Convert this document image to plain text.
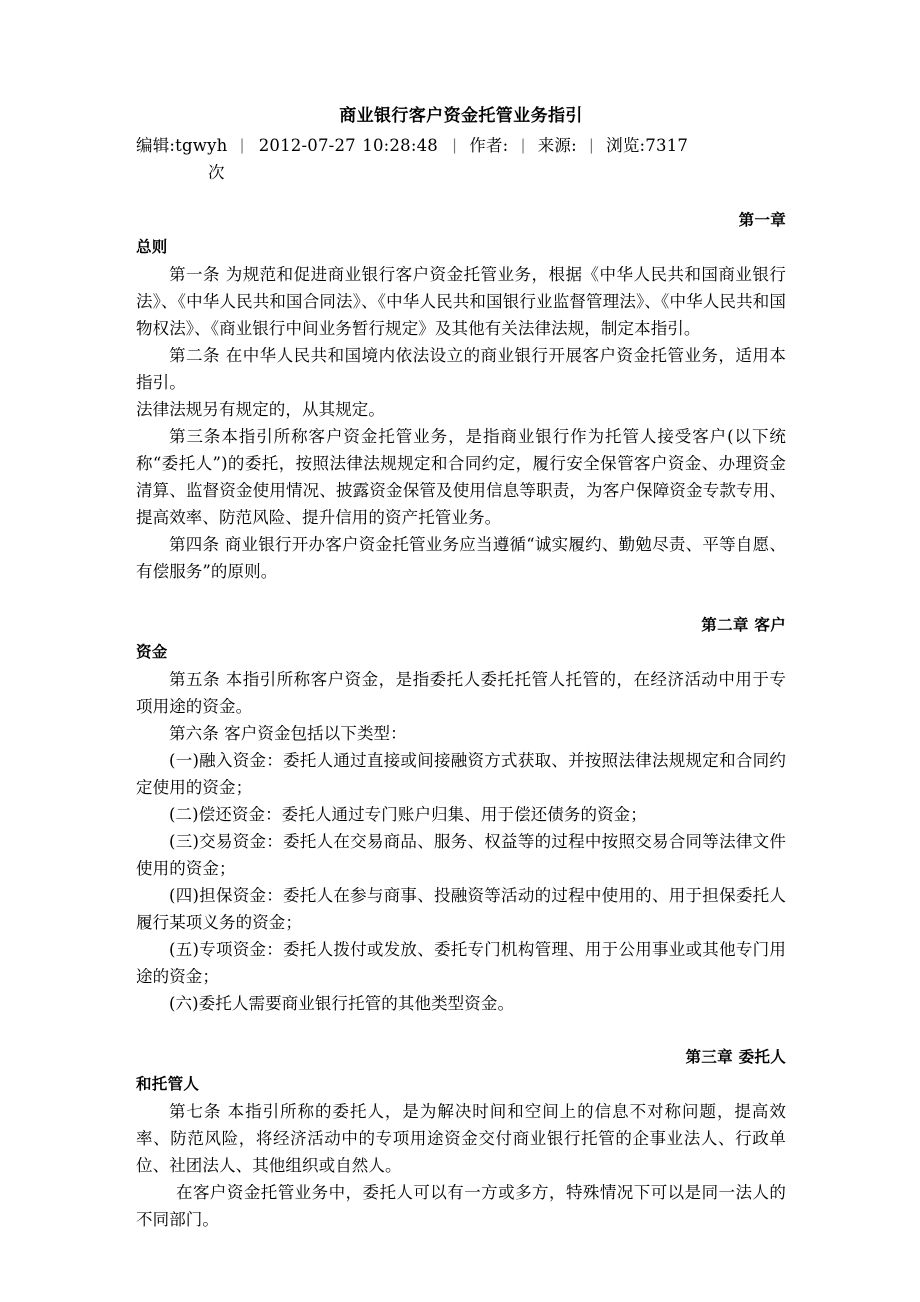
商业银行客户资金托管业务指引
编辑:tgwyh | 2012-07-27 10:28:48 | 作者: | 来源: | 浏览:7317
次
第一章
总则

第一条 为规范和促进商业银行客户资金托管业务，根据《中华人民共和国商业银行法》、《中华人民共和国合同法》、《中华人民共和国银行业监督管理法》、《中华人民共和国物权法》、《商业银行中间业务暂行规定》及其他有关法律法规，制定本指引。

第二条 在中华人民共和国境内依法设立的商业银行开展客户资金托管业务，适用本指引。

法律法规另有规定的，从其规定。

第三条本指引所称客户资金托管业务，是指商业银行作为托管人接受客户(以下统称“委托人”)的委托，按照法律法规规定和合同约定，履行安全保管客户资金、办理资金清算、监督资金使用情况、披露资金保管及使用信息等职责，为客户保障资金专款专用、提高效率、防范风险、提升信用的资产托管业务。

第四条 商业银行开办客户资金托管业务应当遵循“诚实履约、勤勉尽责、平等自愿、有偿服务”的原则。

第二章 客户
资金

第五条 本指引所称客户资金，是指委托人委托托管人托管的，在经济活动中用于专项用途的资金。

第六条 客户资金包括以下类型：

(一)融入资金：委托人通过直接或间接融资方式获取、并按照法律法规规定和合同约定使用的资金；

(二)偿还资金：委托人通过专门账户归集、用于偿还债务的资金；

(三)交易资金：委托人在交易商品、服务、权益等的过程中按照交易合同等法律文件使用的资金；

(四)担保资金：委托人在参与商事、投融资等活动的过程中使用的、用于担保委托人履行某项义务的资金；

(五)专项资金：委托人拨付或发放、委托专门机构管理、用于公用事业或其他专门用途的资金；

(六)委托人需要商业银行托管的其他类型资金。

第三章 委托人
和托管人

第七条 本指引所称的委托人，是为解决时间和空间上的信息不对称问题，提高效率、防范风险，将经济活动中的专项用途资金交付商业银行托管的企事业法人、行政单位、社团法人、其他组织或自然人。

在客户资金托管业务中，委托人可以有一方或多方，特殊情况下可以是同一法人的不同部门。
